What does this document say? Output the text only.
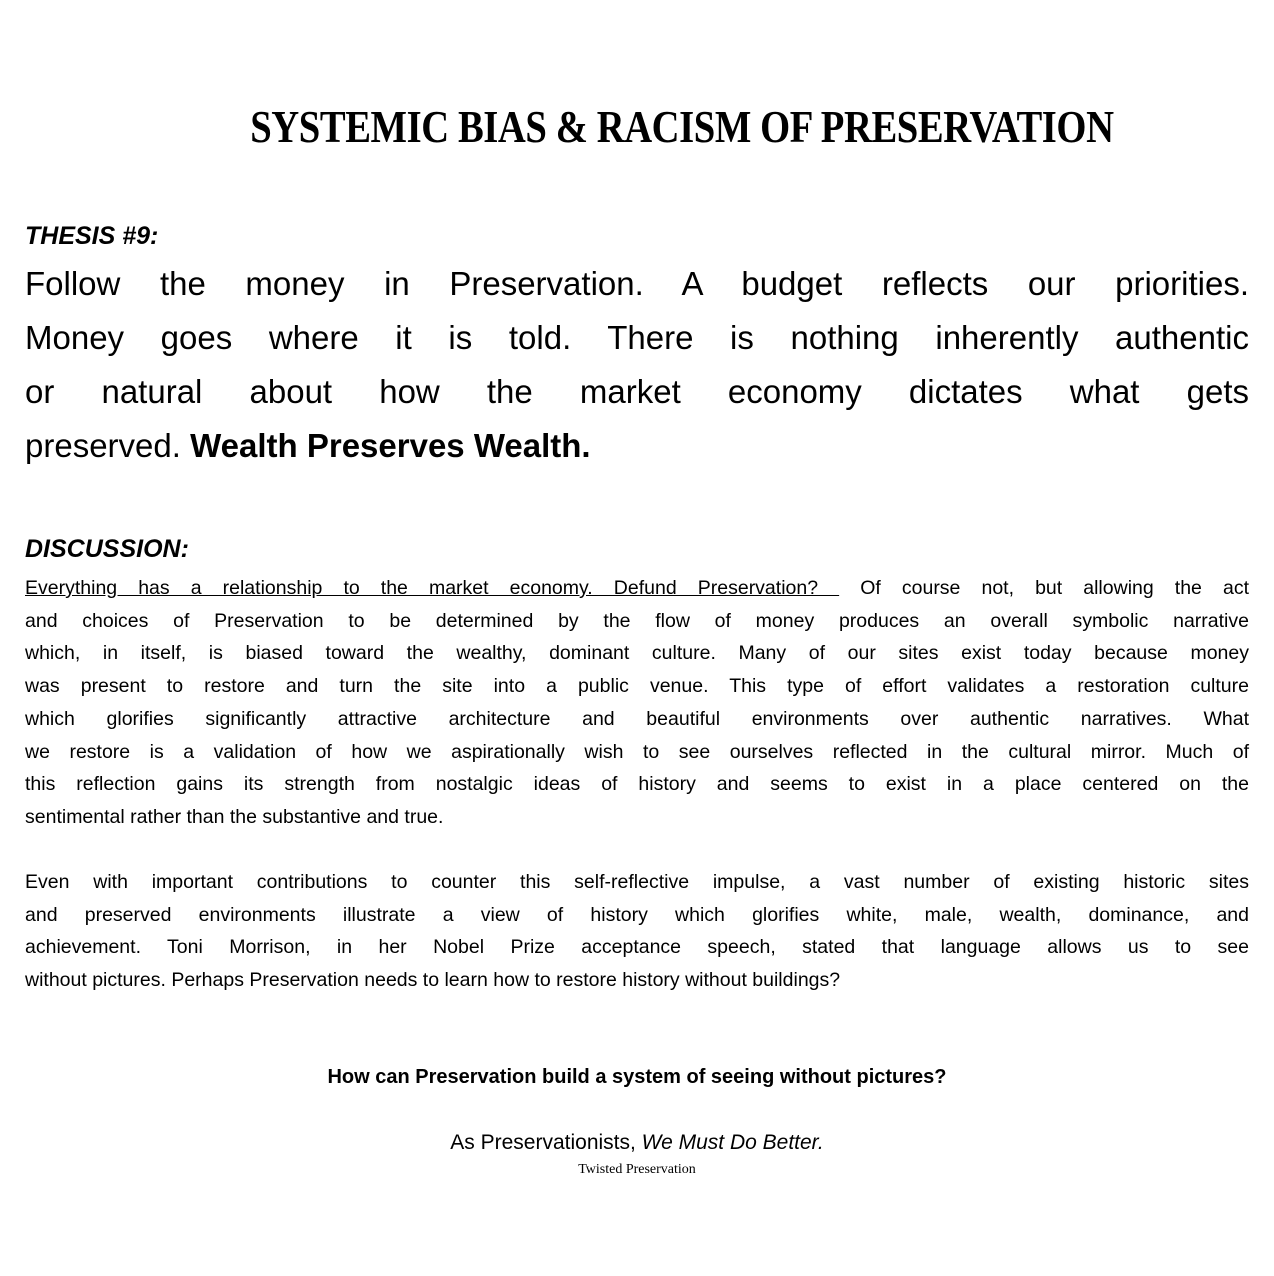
SYSTEMIC BIAS & RACISM OF PRESERVATION
THESIS #9:
Follow the money in Preservation. A budget reflects our priorities.
Money goes where it is told. There is nothing inherently authentic
or natural about how the market economy dictates what gets
preserved. Wealth Preserves Wealth.
DISCUSSION:
Everything has a relationship to the market economy. Defund Preservation?  Of course not, but allowing the act
and choices of Preservation to be determined by the flow of money produces an overall symbolic narrative
which, in itself, is biased toward the wealthy, dominant culture. Many of our sites exist today because money
was present to restore and turn the site into a public venue. This type of effort validates a restoration culture
which glorifies significantly attractive architecture and beautiful environments over authentic narratives. What
we restore is a validation of how we aspirationally wish to see ourselves reflected in the cultural mirror. Much of
this reflection gains its strength from nostalgic ideas of history and seems to exist in a place centered on the
sentimental rather than the substantive and true.
Even with important contributions to counter this self-reflective impulse, a vast number of existing historic sites
and preserved environments illustrate a view of history which glorifies white, male, wealth, dominance, and
achievement. Toni Morrison, in her Nobel Prize acceptance speech, stated that language allows us to see
without pictures. Perhaps Preservation needs to learn how to restore history without buildings?
How can Preservation build a system of seeing without pictures?
As Preservationists, We Must Do Better.
Twisted Preservation
